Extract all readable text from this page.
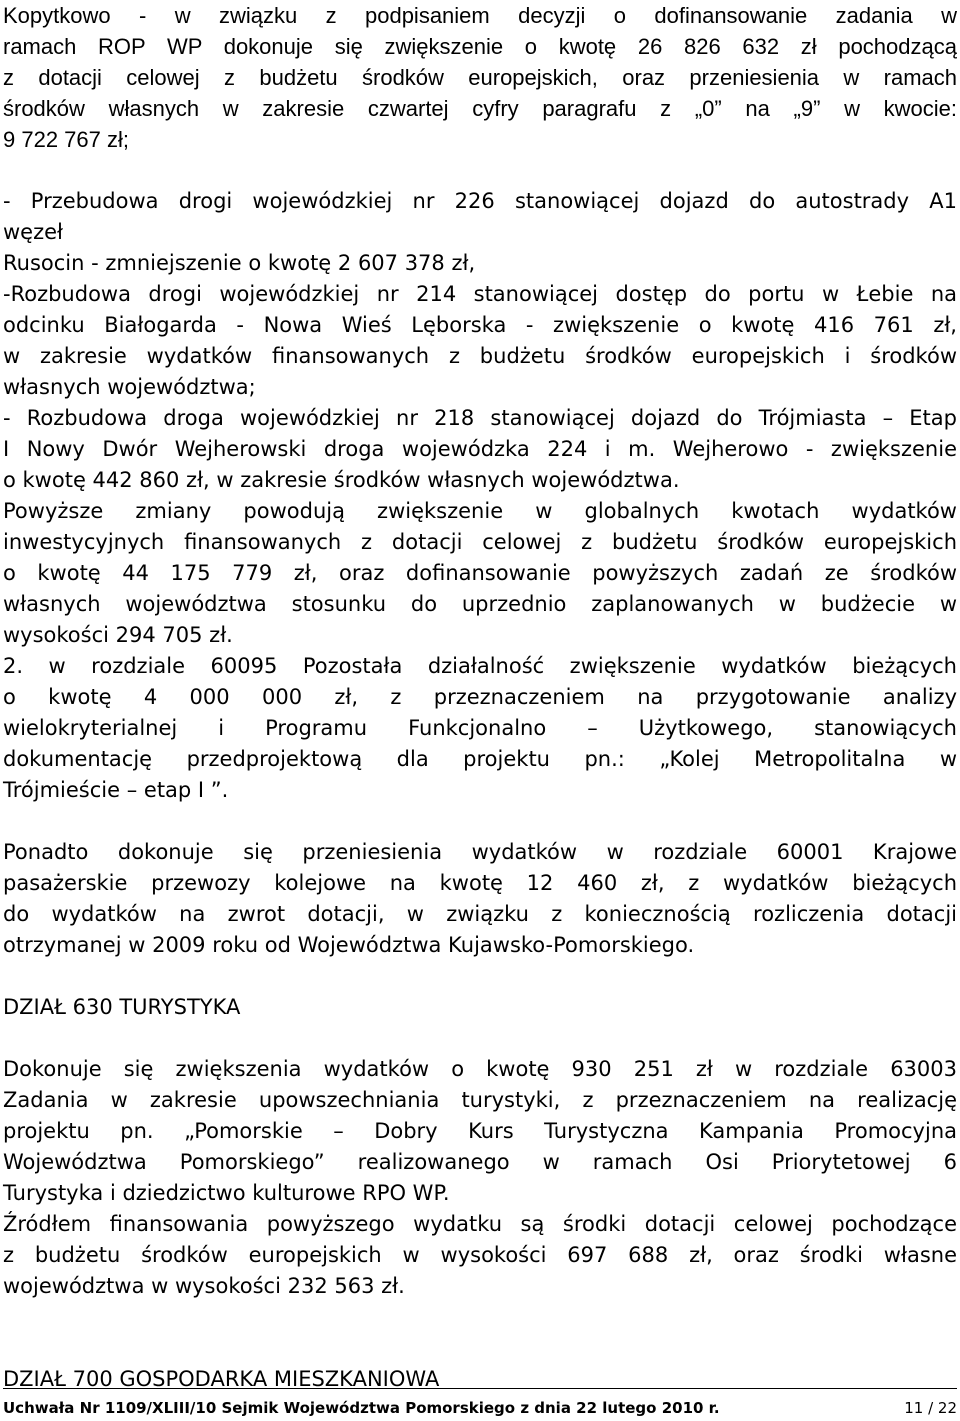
Kopytkowo - w związku z podpisaniem decyzji o dofinansowanie zadania w
ramach ROP WP dokonuje się zwiększenie o kwotę 26 826 632 zł pochodzącą
z dotacji celowej z budżetu środków europejskich, oraz przeniesienia w ramach
środków własnych w zakresie czwartej cyfry paragrafu z „0” na „9” w kwocie:
9 722 767 zł;
- Przebudowa drogi wojewódzkiej nr 226 stanowiącej dojazd do autostrady A1
węzeł
Rusocin - zmniejszenie o kwotę 2 607 378 zł,
-Rozbudowa drogi wojewódzkiej nr 214 stanowiącej dostęp do portu w Łebie na
odcinku Białogarda - Nowa Wieś Lęborska - zwiększenie o kwotę 416 761 zł,
w zakresie wydatków finansowanych z budżetu środków europejskich i środków
własnych województwa;
- Rozbudowa droga wojewódzkiej nr 218 stanowiącej dojazd do Trójmiasta – Etap
I Nowy Dwór Wejherowski droga wojewódzka 224 i m. Wejherowo - zwiększenie
o kwotę 442 860 zł, w zakresie środków własnych województwa.
Powyższe zmiany powodują zwiększenie w globalnych kwotach wydatków
inwestycyjnych finansowanych z dotacji celowej z budżetu środków europejskich
o kwotę 44 175 779 zł, oraz dofinansowanie powyższych zadań ze środków
własnych województwa stosunku do uprzednio zaplanowanych w budżecie w
wysokości 294 705 zł.
2. w rozdziale 60095 Pozostała działalność zwiększenie wydatków bieżących
o kwotę 4 000 000 zł, z przeznaczeniem na przygotowanie analizy
wielokryterialnej i Programu Funkcjonalno – Użytkowego, stanowiących
dokumentację przedprojektową dla projektu pn.: „Kolej Metropolitalna w
Trójmieście – etap I ”.
Ponadto dokonuje się przeniesienia wydatków w rozdziale 60001 Krajowe
pasażerskie przewozy kolejowe na kwotę 12 460 zł, z wydatków bieżących
do wydatków na zwrot dotacji, w związku z koniecznością rozliczenia dotacji
otrzymanej w 2009 roku od Województwa Kujawsko-Pomorskiego.
DZIAŁ 630 TURYSTYKA
Dokonuje się zwiększenia wydatków o kwotę 930 251 zł w rozdziale 63003
Zadania w zakresie upowszechniania turystyki, z przeznaczeniem na realizację
projektu pn. „Pomorskie – Dobry Kurs Turystyczna Kampania Promocyjna
Województwa Pomorskiego” realizowanego w ramach Osi Priorytetowej 6
Turystyka i dziedzictwo kulturowe RPO WP.
Źródłem finansowania powyższego wydatku są środki dotacji celowej pochodzące
z budżetu środków europejskich w wysokości 697 688 zł, oraz środki własne
województwa w wysokości 232 563 zł.
DZIAŁ 700 GOSPODARKA MIESZKANIOWA
Uchwała Nr 1109/XLIII/10 Sejmik Województwa Pomorskiego z dnia 22 lutego 2010 r.	11 / 22
